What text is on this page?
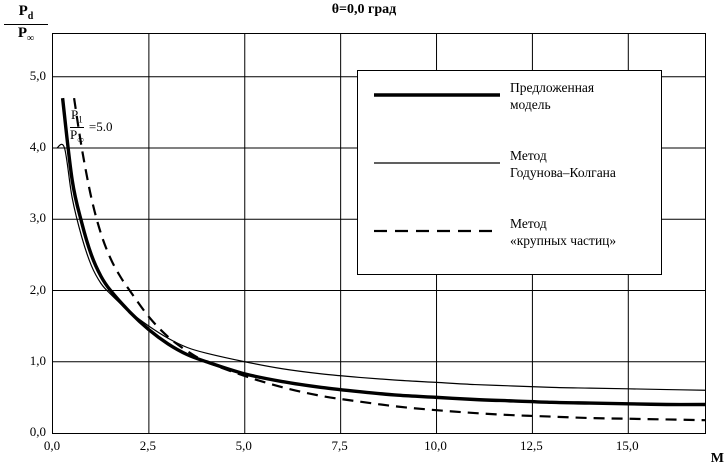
θ=0,0 град
$\frac{P_d}{P_\infty}$
M
$\frac{P_1}{P_\infty} =5.0$
Предложенная
модель
Метод
Годунова–Колгана
Метод
«крупных частиц»
0,0
1,0
2,0
3,0
4,0
5,0
0,0	2,5	5,0	7,5	10,0	12,5	15,0
